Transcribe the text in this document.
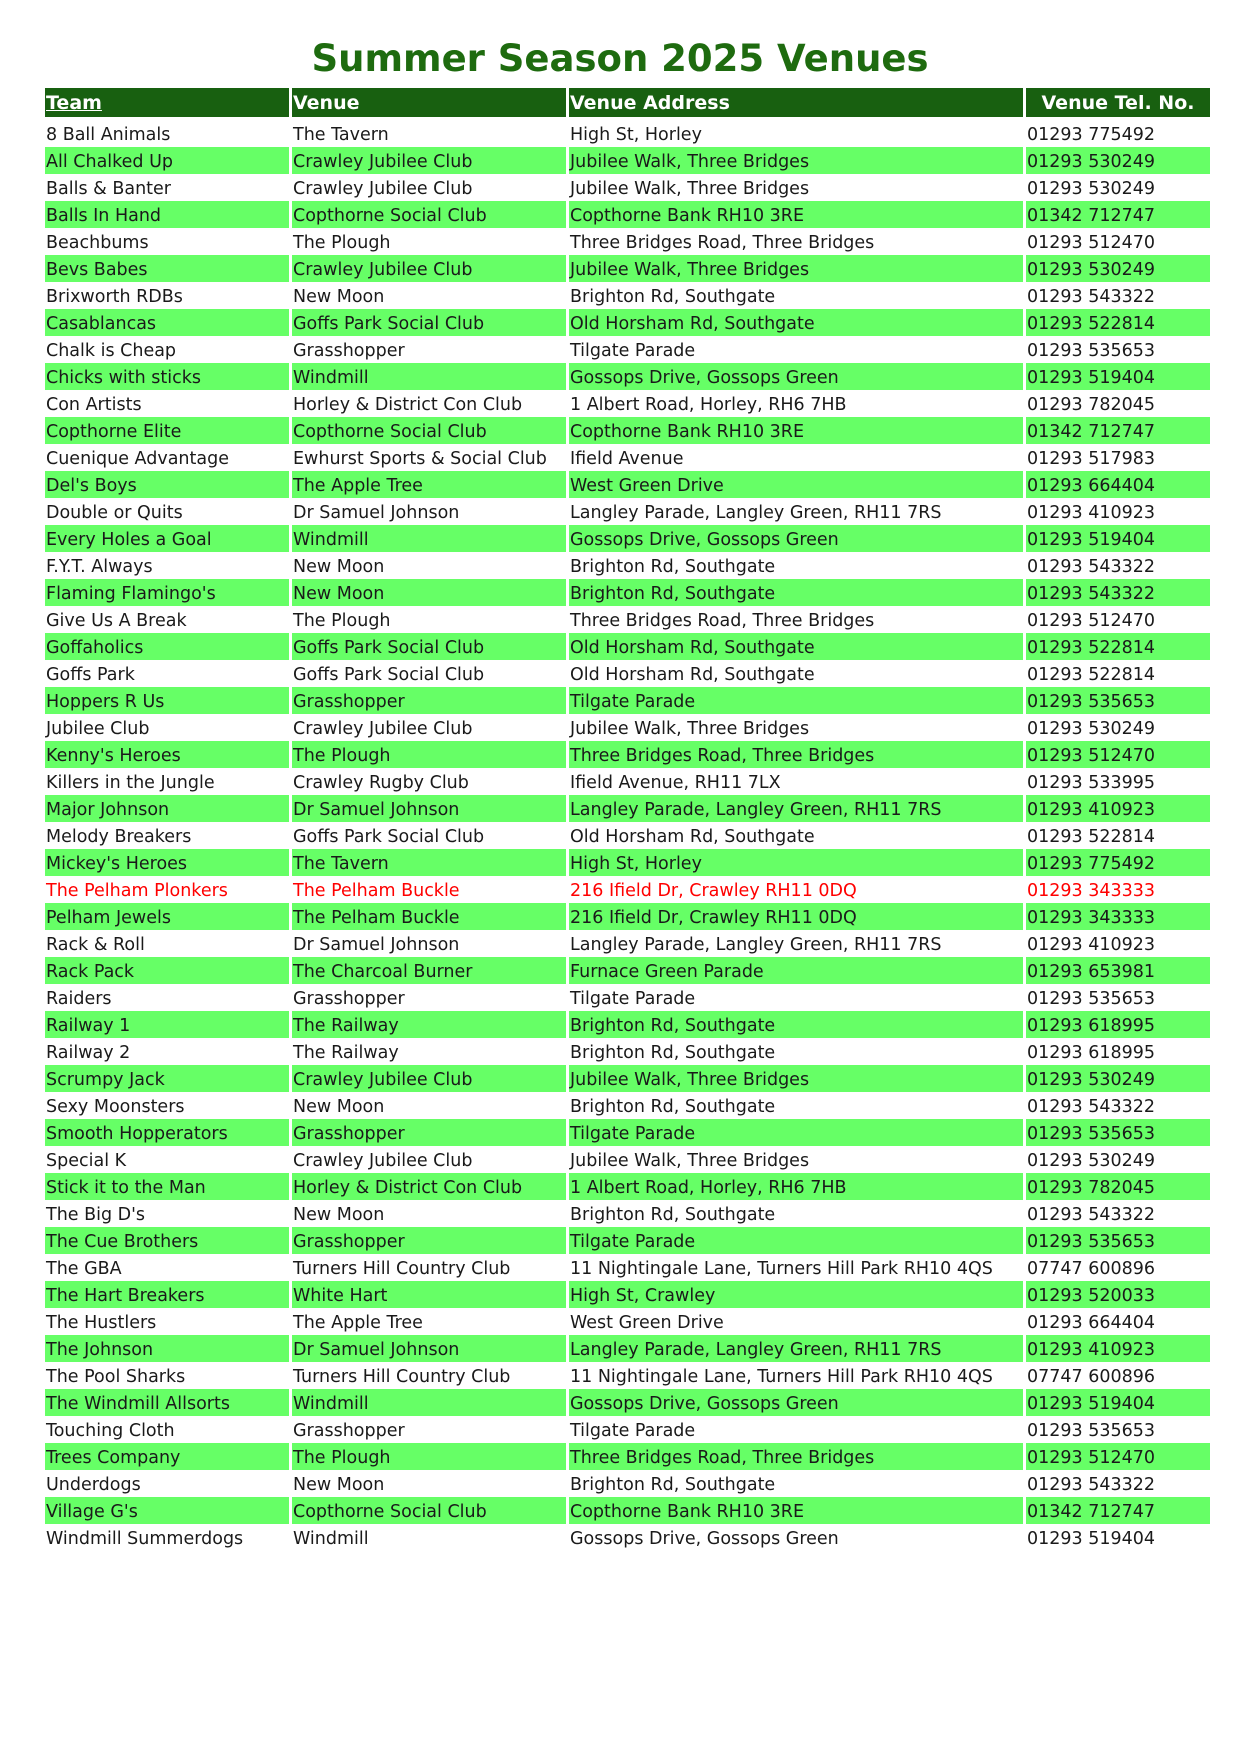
Summer Season 2025 Venues
Team	Venue	Venue Address	Venue Tel. No.

8 Ball Animals	The Tavern	High St, Horley	01293 775492
All Chalked Up	Crawley Jubilee Club	Jubilee Walk, Three Bridges	01293 530249
Balls & Banter	Crawley Jubilee Club	Jubilee Walk, Three Bridges	01293 530249
Balls In Hand	Copthorne Social Club	Copthorne Bank RH10 3RE	01342 712747
Beachbums	The Plough	Three Bridges Road, Three Bridges	01293 512470
Bevs Babes	Crawley Jubilee Club	Jubilee Walk, Three Bridges	01293 530249
Brixworth RDBs	New Moon	Brighton Rd, Southgate	01293 543322
Casablancas	Goffs Park Social Club	Old Horsham Rd, Southgate	01293 522814
Chalk is Cheap	Grasshopper	Tilgate Parade	01293 535653
Chicks with sticks	Windmill	Gossops Drive, Gossops Green	01293 519404
Con Artists	Horley & District Con Club	1 Albert Road, Horley, RH6 7HB	01293 782045
Copthorne Elite	Copthorne Social Club	Copthorne Bank RH10 3RE	01342 712747
Cuenique Advantage	Ewhurst Sports & Social Club	Ifield Avenue	01293 517983
Del's Boys	The Apple Tree	West Green Drive	01293 664404
Double or Quits	Dr Samuel Johnson	Langley Parade, Langley Green, RH11 7RS	01293 410923
Every Holes a Goal	Windmill	Gossops Drive, Gossops Green	01293 519404
F.Y.T. Always	New Moon	Brighton Rd, Southgate	01293 543322
Flaming Flamingo's	New Moon	Brighton Rd, Southgate	01293 543322
Give Us A Break	The Plough	Three Bridges Road, Three Bridges	01293 512470
Goffaholics	Goffs Park Social Club	Old Horsham Rd, Southgate	01293 522814
Goffs Park	Goffs Park Social Club	Old Horsham Rd, Southgate	01293 522814
Hoppers R Us	Grasshopper	Tilgate Parade	01293 535653
Jubilee Club	Crawley Jubilee Club	Jubilee Walk, Three Bridges	01293 530249
Kenny's Heroes	The Plough	Three Bridges Road, Three Bridges	01293 512470
Killers in the Jungle	Crawley Rugby Club	Ifield Avenue, RH11 7LX	01293 533995
Major Johnson	Dr Samuel Johnson	Langley Parade, Langley Green, RH11 7RS	01293 410923
Melody Breakers	Goffs Park Social Club	Old Horsham Rd, Southgate	01293 522814
Mickey's Heroes	The Tavern	High St, Horley	01293 775492
The Pelham Plonkers	The Pelham Buckle	216 Ifield Dr, Crawley RH11 0DQ	01293 343333
Pelham Jewels	The Pelham Buckle	216 Ifield Dr, Crawley RH11 0DQ	01293 343333
Rack & Roll	Dr Samuel Johnson	Langley Parade, Langley Green, RH11 7RS	01293 410923
Rack Pack	The Charcoal Burner	Furnace Green Parade	01293 653981
Raiders	Grasshopper	Tilgate Parade	01293 535653
Railway 1	The Railway	Brighton Rd, Southgate	01293 618995
Railway 2	The Railway	Brighton Rd, Southgate	01293 618995
Scrumpy Jack	Crawley Jubilee Club	Jubilee Walk, Three Bridges	01293 530249
Sexy Moonsters	New Moon	Brighton Rd, Southgate	01293 543322
Smooth Hopperators	Grasshopper	Tilgate Parade	01293 535653
Special K	Crawley Jubilee Club	Jubilee Walk, Three Bridges	01293 530249
Stick it to the Man	Horley & District Con Club	1 Albert Road, Horley, RH6 7HB	01293 782045
The Big D's	New Moon	Brighton Rd, Southgate	01293 543322
The Cue Brothers	Grasshopper	Tilgate Parade	01293 535653
The GBA	Turners Hill Country Club	11 Nightingale Lane, Turners Hill Park RH10 4QS	07747 600896
The Hart Breakers	White Hart	High St, Crawley	01293 520033
The Hustlers	The Apple Tree	West Green Drive	01293 664404
The Johnson	Dr Samuel Johnson	Langley Parade, Langley Green, RH11 7RS	01293 410923
The Pool Sharks	Turners Hill Country Club	11 Nightingale Lane, Turners Hill Park RH10 4QS	07747 600896
The Windmill Allsorts	Windmill	Gossops Drive, Gossops Green	01293 519404
Touching Cloth	Grasshopper	Tilgate Parade	01293 535653
Trees Company	The Plough	Three Bridges Road, Three Bridges	01293 512470
Underdogs	New Moon	Brighton Rd, Southgate	01293 543322
Village G's	Copthorne Social Club	Copthorne Bank RH10 3RE	01342 712747
Windmill Summerdogs	Windmill	Gossops Drive, Gossops Green	01293 519404
